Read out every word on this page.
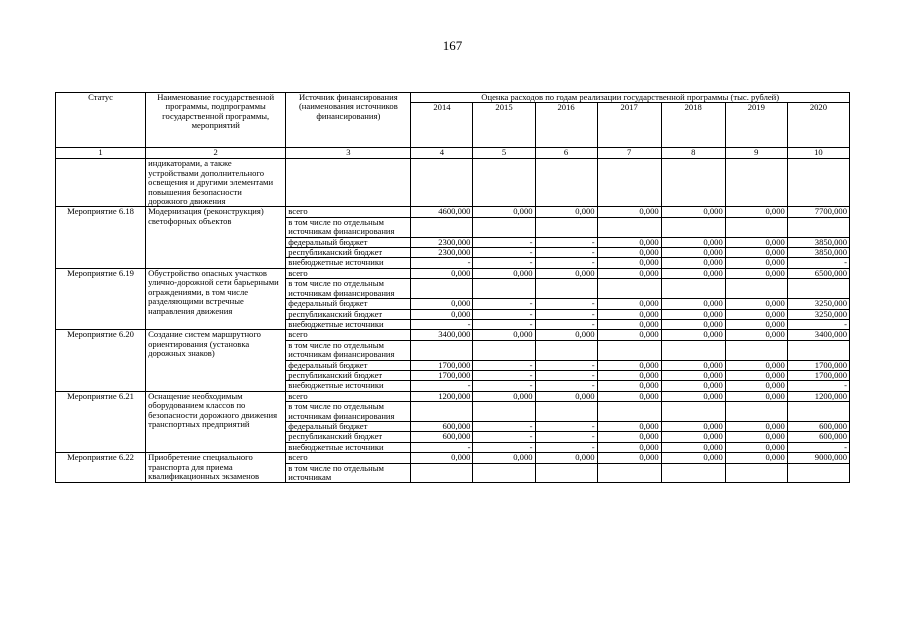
167
Статус	Наименование государственной программы, подпрограммы государственной программы, мероприятий	Источник финансирования (наименования источников финансирования)	Оценка расходов по годам реализации государственной программы (тыс. рублей)						
			2014	2015	2016	2017	2018	2019	2020
1	2	3	4	5	6	7	8	9	10
	индикаторами, а также устройствами дополнительного освещения и другими элементами повышения безопасности дорожного движения								
Мероприятие 6.18	Модернизация (реконструкция) светофорных объектов	всего	4600,000	0,000	0,000	0,000	0,000	0,000	7700,000
		в том числе по отдельным источникам финансирования							
		федеральный бюджет	2300,000	-	-	0,000	0,000	0,000	3850,000
		республиканский бюджет	2300,000	-	-	0,000	0,000	0,000	3850,000
		внебюджетные источники	-	-	-	0,000	0,000	0,000	-
Мероприятие 6.19	Обустройство опасных участков улично-дорожной сети барьерными ограждениями, в том числе разделяющими встречные направления движения	всего	0,000	0,000	0,000	0,000	0,000	0,000	6500,000
		в том числе по отдельным источникам финансирования							
		федеральный бюджет	0,000	-	-	0,000	0,000	0,000	3250,000
		республиканский бюджет	0,000	-	-	0,000	0,000	0,000	3250,000
		внебюджетные источники	-	-	-	0,000	0,000	0,000	-
Мероприятие 6.20	Создание систем маршрутного ориентирования (установка дорожных знаков)	всего	3400,000	0,000	0,000	0,000	0,000	0,000	3400,000
		в том числе по отдельным источникам финансирования							
		федеральный бюджет	1700,000	-	-	0,000	0,000	0,000	1700,000
		республиканский бюджет	1700,000	-	-	0,000	0,000	0,000	1700,000
		внебюджетные источники	-	-	-	0,000	0,000	0,000	-
Мероприятие 6.21	Оснащение необходимым оборудованием классов по безопасности дорожного движения транспортных предприятий	всего	1200,000	0,000	0,000	0,000	0,000	0,000	1200,000
		в том числе по отдельным источникам финансирования							
		федеральный бюджет	600,000	-	-	0,000	0,000	0,000	600,000
		республиканский бюджет	600,000	-	-	0,000	0,000	0,000	600,000
		внебюджетные источники	-	-	-	0,000	0,000	0,000	-
Мероприятие 6.22	Приобретение специального транспорта для приема квалификационных экзаменов	всего	0,000	0,000	0,000	0,000	0,000	0,000	9000,000
		в том числе по отдельным источникам							
